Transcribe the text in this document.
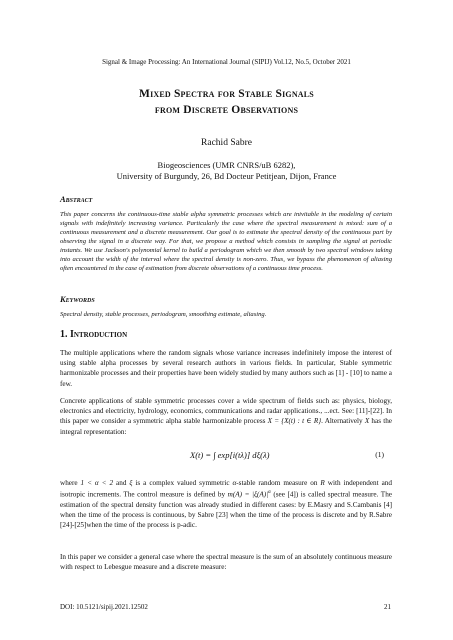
Signal & Image Processing: An International Journal (SIPIJ) Vol.12, No.5, October 2021
Mixed Spectra for Stable Signals
from Discrete Observations
Rachid Sabre
Biogeosciences (UMR CNRS/uB 6282),
University of Burgundy, 26, Bd Docteur Petitjean, Dijon, France
Abstract
This paper concerns the continuous-time stable alpha symmetric processes which are inivitable in the modeling of certain signals with indefinitely increasing variance. Particularly the case where the spectral measurement is mixed: sum of a continuous measurement and a discrete measurement. Our goal is to estimate the spectral density of the continuous part by observing the signal in a discrete way. For that, we propose a method which consists in sampling the signal at periodic instants. We use Jackson's polynomial kernel to build a periodogram which we then smooth by two spectral windows taking into account the width of the interval where the spectral density is non-zero. Thus, we bypass the phenomenon of aliasing often encountered in the case of estimation from discrete observations of a continuous time process.
Keywords
Spectral density, stable processes, periodogram, smoothing estimate, aliasing.
1. Introduction
The multiple applications where the random signals whose variance increases indefinitely impose the interest of using stable alpha processes by several research authors in various fields. In particular, Stable symmetric harmonizable processes and their properties have been widely studied by many authors such as [1] - [10] to name a few.
Concrete applications of stable symmetric processes cover a wide spectrum of fields such as: physics, biology, electronics and electricity, hydrology, economics, communications and radar applications., ...ect. See: [11]-[22]. In this paper we consider a symmetric alpha stable harmonizable process X = {X(t) : t ∈ R}. Alternatively X has the integral representation:
X(t) = ∫ exp[i(tλ)] dξ(λ)	(1)
where 1 < α < 2 and ξ is a complex valued symmetric α-stable random measure on R with independent and isotropic increments. The control measure is defined by $m(A) = |\xi(A)|^\alpha$ (see [4]) is called spectral measure. The estimation of the spectral density function was already studied in different cases: by E.Masry and S.Cambanis [4] when the time of the process is continuous, by Sabre [23] when the time of the process is discrete and by R.Sabre [24]-[25]when the time of the process is p-adic.
In this paper we consider a general case where the spectral measure is the sum of an absolutely continuous measure with respect to Lebesgue measure and a discrete measure:
DOI: 10.5121/sipij.2021.12502	21
